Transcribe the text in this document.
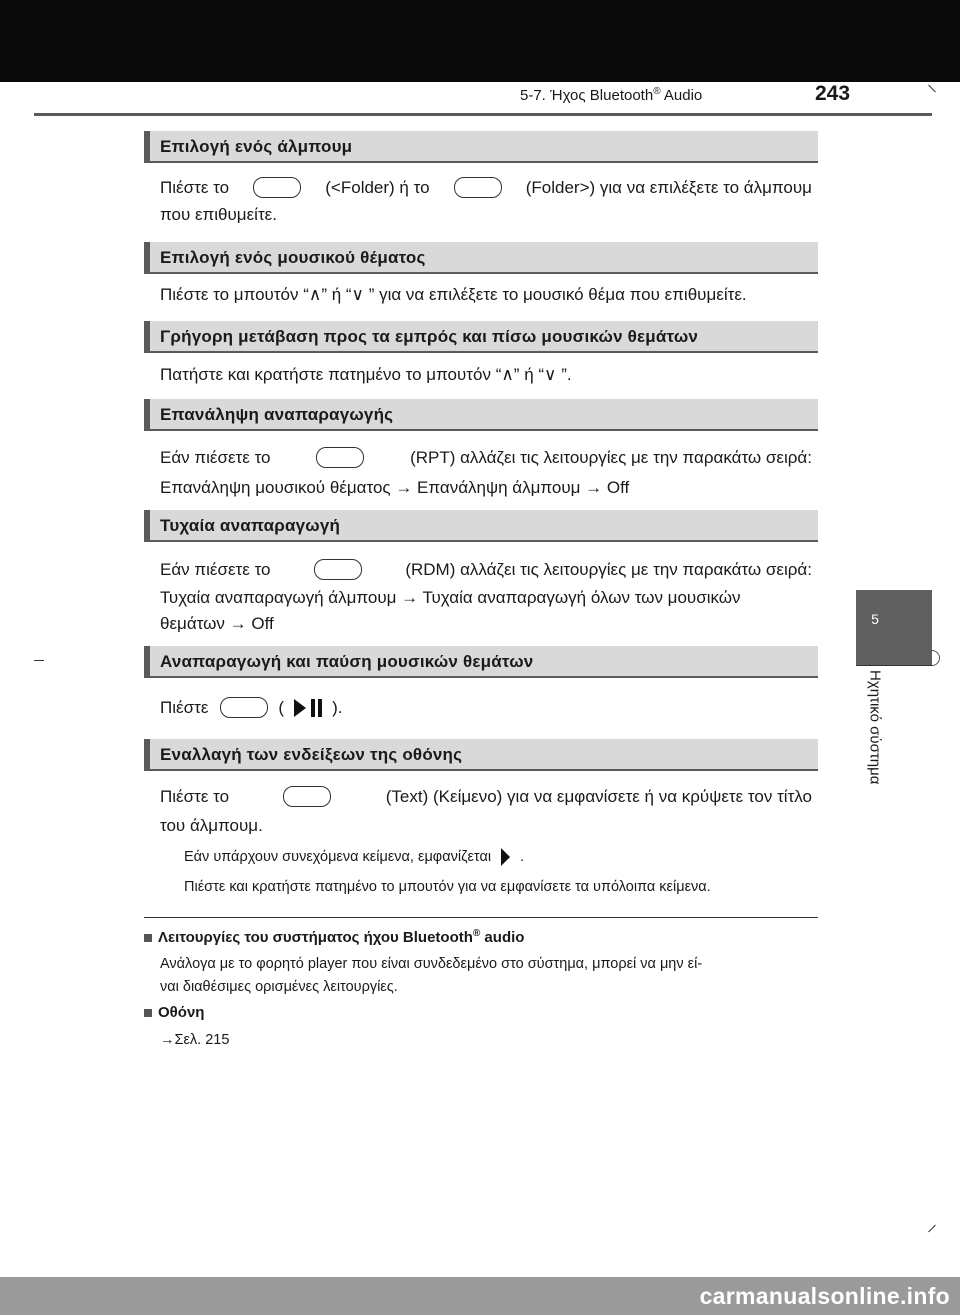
5-7. Ήχος Bluetooth® Audio	243
5
Ηχητικό σύστημα
Επιλογή ενός άλμπουμ
Πιέστε το	(<Folder) ή το	(Folder>) για να επιλέξετε το άλμπουμ
που επιθυμείτε.
Επιλογή ενός μουσικού θέματος
Πιέστε το μπουτόν “∧” ή “∨ ” για να επιλέξετε το μουσικό θέμα που επιθυμείτε.
Γρήγορη μετάβαση προς τα εμπρός και πίσω μουσικών θεμάτων
Πατήστε και κρατήστε πατημένο το μπουτόν “∧” ή “∨ ”.
Επανάληψη αναπαραγωγής
Εάν πιέσετε το	(RPT) αλλάζει τις λειτουργίες με την παρακάτω σειρά:
Επανάληψη μουσικού θέματος → Επανάληψη άλμπουμ → Off
Τυχαία αναπαραγωγή
Εάν πιέσετε το	(RDM) αλλάζει τις λειτουργίες με την παρακάτω σειρά:
Τυχαία αναπαραγωγή άλμπουμ → Τυχαία αναπαραγωγή όλων των μουσικών
θεμάτων → Off
Αναπαραγωγή και παύση μουσικών θεμάτων
Πιέστε	(	).
Εναλλαγή των ενδείξεων της οθόνης
Πιέστε το	(Text) (Κείμενο) για να εμφανίσετε ή να κρύψετε τον τίτλο
του άλμπουμ.
Εάν υπάρχουν συνεχόμενα κείμενα, εμφανίζεται .
Πιέστε και κρατήστε πατημένο το μπουτόν για να εμφανίσετε τα υπόλοιπα κείμενα.
Λειτουργίες του συστήματος ήχου Bluetooth® audio
Ανάλογα με το φορητό player που είναι συνδεδεμένο στο σύστημα, μπορεί να μην εί-
ναι διαθέσιμες ορισμένες λειτουργίες.
Οθόνη
→Σελ. 215
carmanualsonline.info
